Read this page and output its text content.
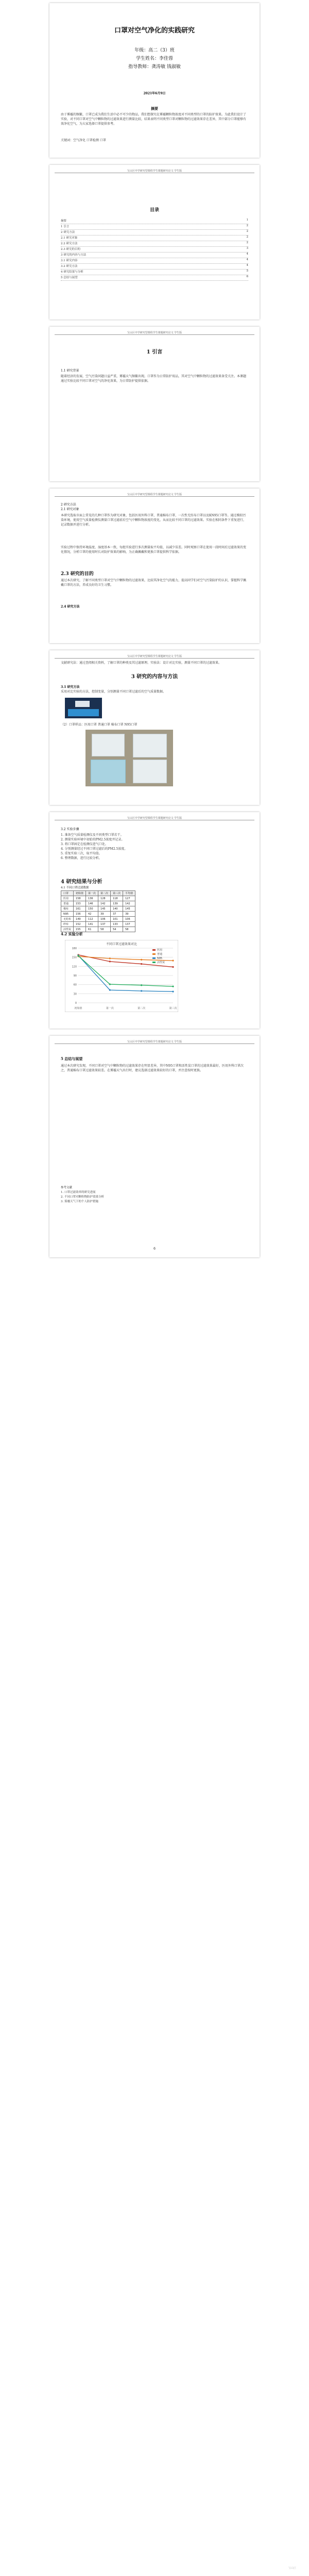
口罩对空气净化的实践研究
年级：高二（3）班
学生姓名：李佳蓉
指导教师：龚涛敏 钱淑敏
2021年6月9日
摘要
由于雾霾的频繁，口罩已成为我们生活中必不可少的物品，我们想探究在雾霾颗粒物浓度对不同类型的口罩的防护效果。为此我们设计了实验，对不同口罩对空气中颗粒物的过滤效果进行测量比较，结果表明不同类型口罩对颗粒物的过滤效果存在差异，其中部分口罩能够有效净化空气，为大家选择口罩提供参考。
关键词：空气净化 口罩检测 口罩
宝山区中学研究型课程学生课题研究论文 学生版
目录
摘要	1
1 引言	2
2 研究方法	2
2.1 研究对象	2
2.2 研究方法	2
2.3 研究的目的	3
3 研究的内容与方法	4
3.1 研究内容	4
3.2 研究方法	4
4 研究结果与分析	5
5 总结与展望	6
宝山区中学研究型课程学生课题研究论文 学生版
1 引言
1.1 研究背景
随着经济的发展，空气污染问题日益严重，雾霾天气频繁出现。口罩作为日常防护用品，其对空气中颗粒物的过滤效果备受关注。本课题通过实验比较不同口罩对空气的净化效果，为日常防护提供依据。
宝山区中学研究型课程学生课题研究论文 学生版
2 研究方法
2.1 研究对象
本研究选取市面上常见的几种口罩作为研究对象，包括医用外科口罩、普通棉布口罩、一次性无纺布口罩以及KN95口罩等。通过模拟污染环境，使用空气质量检测仪测量口罩过滤前后空气中颗粒物浓度的变化，从而比较不同口罩的过滤效果。实验在相同条件下重复进行，记录数据并进行分析。
实验过程中保持环境温度、湿度基本一致，每组实验进行多次测量取平均值，以减少误差。同时观察口罩在使用一段时间后过滤效果的变化情况，分析口罩的使用时长对防护效果的影响，为正确佩戴和更换口罩提供科学依据。
2.3 研究的目的
通过本次研究，了解不同类型口罩对空气中颗粒物的过滤效果，比较其净化空气的能力，提高同学们对空气污染防护的认识，掌握科学佩戴口罩的方法，养成良好的卫生习惯。
2.4 研究方法
宝山区中学研究型课程学生课题研究论文 学生版
文献研究法：通过查阅相关资料，了解口罩的种类及其过滤原理。实验法：设计对比实验，测量不同口罩的过滤效果。
3 研究的内容与方法
3.1 研究方法
采用对比实验的方法，控制变量，分别测量不同口罩过滤后的空气质量数据。
（2）口罩样品：医用口罩 普通口罩 棉布口罩 N95口罩
宝山区中学研究型课程学生课题研究论文 学生版
3.2 实验步骤
1. 准备空气质量检测仪及不同类型口罩若干。
2. 测量实验环境中初始的PM2.5浓度并记录。
3. 将口罩固定在检测仪进气口处。
4. 分别测量经过不同口罩过滤后的PM2.5浓度。
5. 重复实验三次，取平均值。
6. 整理数据，进行比较分析。
4 研究结果与分析
4.1 不同口罩过滤数据
口罩	初始值	第一次	第二次	第三次	平均值
医用	158	136	128	118	127
普通	153	146	142	139	142
棉布	161	150	145	140	145
N95	156	42	39	37	39
无纺布	149	112	106	101	106
纱布	152	141	137	133	137
活性炭	155	61	58	54	58
4.2 实验分析
不同口罩过滤效果对比
0
30
60
90
120
150
180
初始值	第一次	第二次	第三次
医用
普通
N95
活性炭
宝山区中学研究型课程学生课题研究论文 学生版
5 总结与展望
通过本次研究发现，不同口罩对空气中颗粒物的过滤效果存在明显差异，其中N95口罩和活性炭口罩的过滤效果最好，医用外科口罩次之，普通棉布口罩过滤效果较差。在雾霾天气出行时，建议选择过滤效果较好的口罩，并注意按时更换。
参考文献
1. 口罩过滤效率的研究进展
2. 不同口罩对颗粒物防护效果分析
3. 雾霾天气下的个人防护措施
6
宝山区
